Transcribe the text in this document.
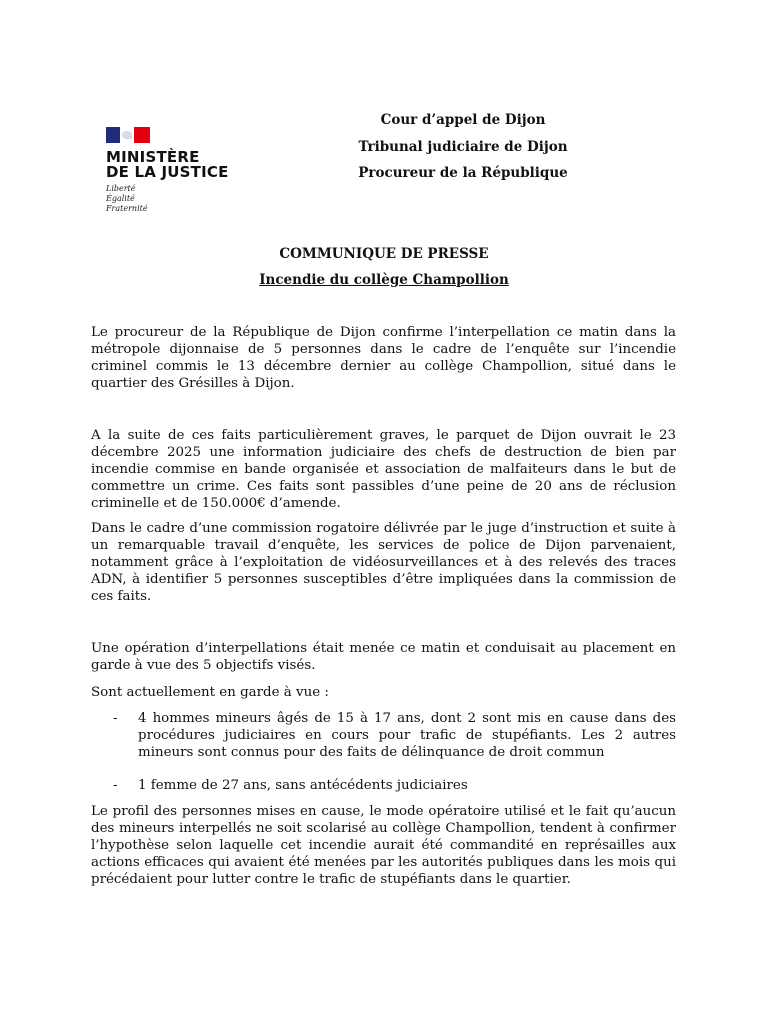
MINISTÈRE
DE LA JUSTICE
Liberté
Égalité
Fraternité
Cour d’appel de Dijon
Tribunal judiciaire de Dijon
Procureur de la République
COMMUNIQUE DE PRESSE
Incendie du collège Champollion

Le procureur de la République de Dijon confirme l’interpellation ce matin dans la métropole dijonnaise de 5 personnes dans le cadre de l’enquête sur l’incendie criminel commis le 13 décembre dernier au collège Champollion, situé dans le quartier des Grésilles à Dijon.

A la suite de ces faits particulièrement graves, le parquet de Dijon ouvrait le 23 décembre 2025 une information judiciaire des chefs de destruction de bien par incendie commise en bande organisée et association de malfaiteurs dans le but de commettre un crime. Ces faits sont passibles d’une peine de 20 ans de réclusion criminelle et de 150.000€ d’amende.

Dans le cadre d’une commission rogatoire délivrée par le juge d’instruction et suite à un remarquable travail d’enquête, les services de police de Dijon parvenaient, notamment grâce à l’exploitation de vidéosurveillances et à des relevés des traces ADN, à identifier 5 personnes susceptibles d’être impliquées dans la commission de ces faits.

Une opération d’interpellations était menée ce matin et conduisait au placement en garde à vue des 5 objectifs visés.

Sont actuellement en garde à vue :

- 4 hommes mineurs âgés de 15 à 17 ans, dont 2 sont mis en cause dans des procédures judiciaires en cours pour trafic de stupéfiants. Les 2 autres mineurs sont connus pour des faits de délinquance de droit commun
- 1 femme de 27 ans, sans antécédents judiciaires

Le profil des personnes mises en cause, le mode opératoire utilisé et le fait qu’aucun des mineurs interpellés ne soit scolarisé au collège Champollion, tendent à confirmer l’hypothèse selon laquelle cet incendie aurait été commandité en représailles aux actions efficaces qui avaient été menées par les autorités publiques dans les mois qui précédaient pour lutter contre le trafic de stupéfiants dans le quartier.
